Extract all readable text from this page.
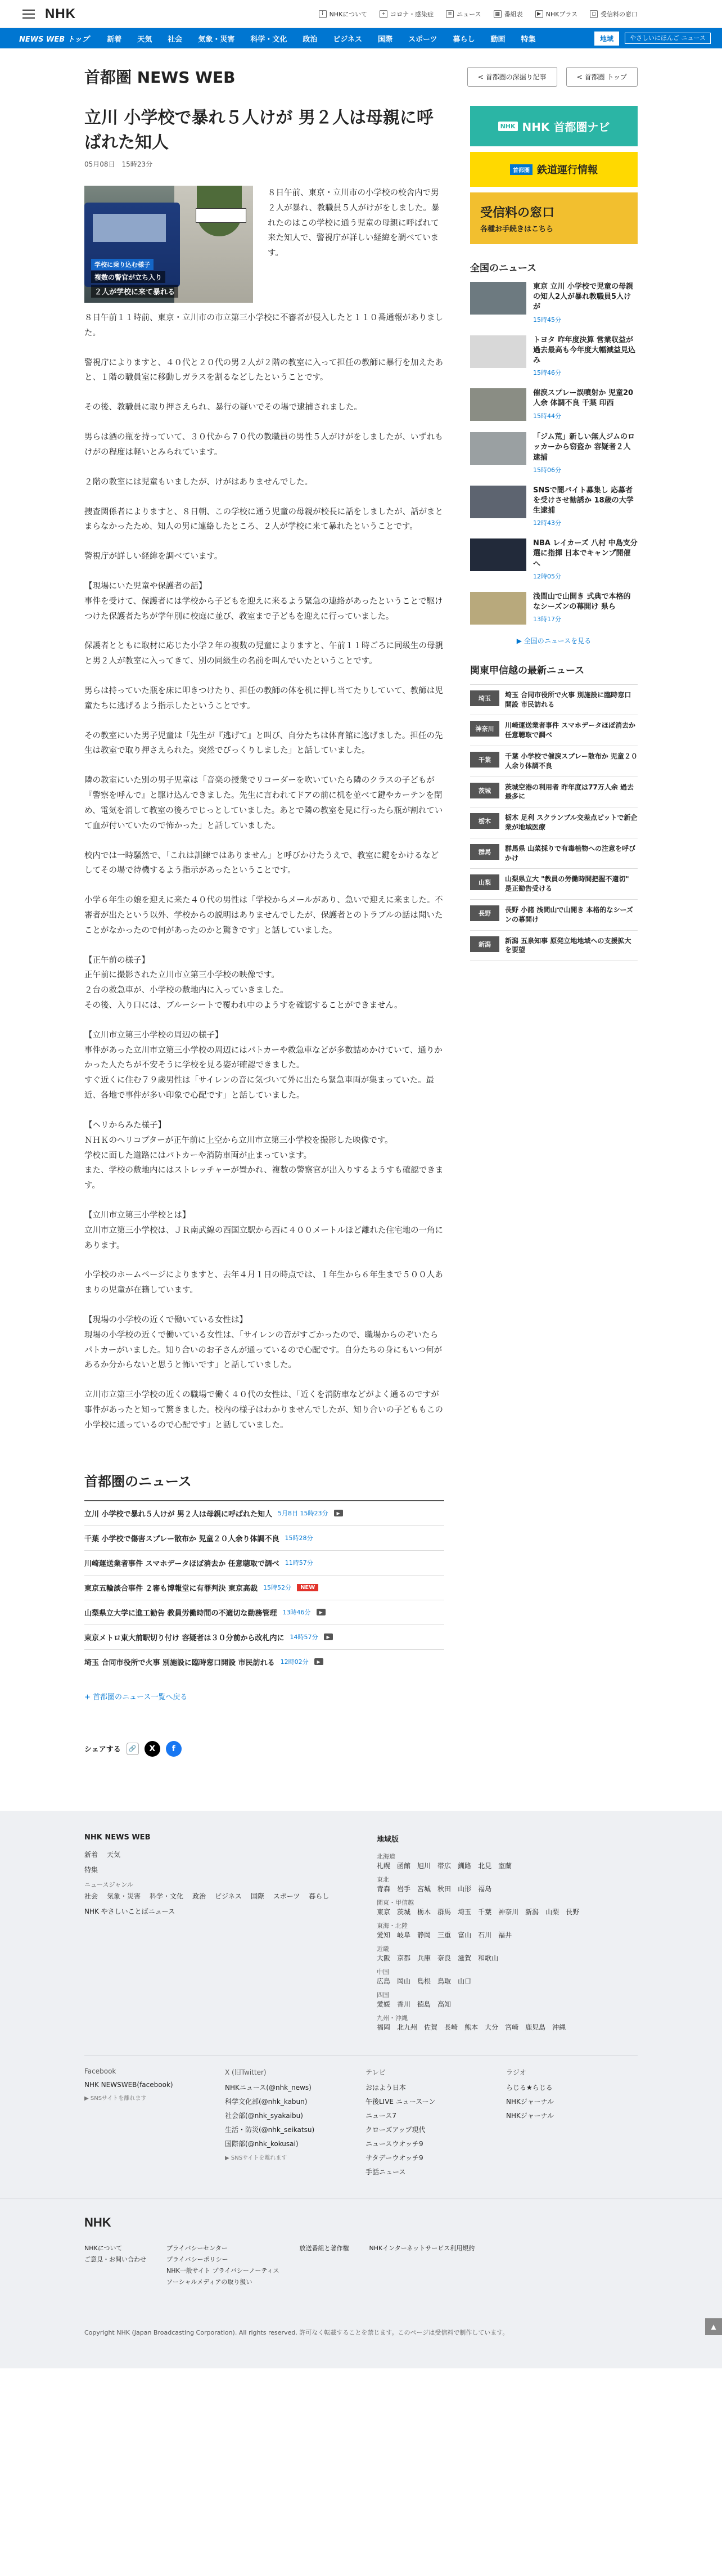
NHK	i NHKについて	+ コロナ・感染症	≡ ニュース	▦ 番組表	▶ NHKプラス	◻ 受信料の窓口
NEWS WEB トップ	新着	天気	社会	気象・災害	科学・文化	政治	ビジネス	国際	スポーツ	暮らし	動画	特集	地域	やさしいにほんご ニュース
首都圏 NEWS WEB	< 首都圏の深掘り記事	< 首都圏 トップ
立川 小学校で暴れ５人けが 男２人は母親に呼ばれた知人
05月08日 15時23分
学校に乗り込む様子
複数の警官が立ち入り
２人が学校に来て暴れる
８日午前、東京・立川市の小学校の校舎内で男２人が暴れ、教職員５人がけがをしました。暴れたのはこの学校に通う児童の母親に呼ばれて来た知人で、警視庁が詳しい経緯を調べています。

８日午前１１時前、東京・立川市の市立第三小学校に不審者が侵入したと１１０番通報がありました。

警視庁によりますと、４０代と２０代の男２人が２階の教室に入って担任の教師に暴行を加えたあと、１階の職員室に移動しガラスを割るなどしたということです。

その後、教職員に取り押さえられ、暴行の疑いでその場で逮捕されました。

男らは酒の瓶を持っていて、３０代から７０代の教職員の男性５人がけがをしましたが、いずれもけがの程度は軽いとみられています。

２階の教室には児童もいましたが、けがはありませんでした。

捜査関係者によりますと、８日朝、この学校に通う児童の母親が校長に話をしましたが、話がまとまらなかったため、知人の男に連絡したところ、２人が学校に来て暴れたということです。

警視庁が詳しい経緯を調べています。

【現場にいた児童や保護者の話】
事件を受けて、保護者には学校から子どもを迎えに来るよう緊急の連絡があったということで駆けつけた保護者たちが学年別に校庭に並び、教室まで子どもを迎えに行っていました。

保護者とともに取材に応じた小学２年の複数の児童によりますと、午前１１時ごろに同級生の母親と男２人が教室に入ってきて、別の同級生の名前を叫んでいたということです。

男らは持っていた瓶を床に叩きつけたり、担任の教師の体を机に押し当てたりしていて、教師は児童たちに逃げるよう指示したということです。

その教室にいた男子児童は「先生が『逃げて』と叫び、自分たちは体育館に逃げました。担任の先生は教室で取り押さえられた。突然でびっくりしました」と話していました。

隣の教室にいた別の男子児童は「音楽の授業でリコーダーを吹いていたら隣のクラスの子どもが『警察を呼んで』と駆け込んできました。先生に言われてドアの前に机を並べて鍵やカーテンを閉め、電気を消して教室の後ろでじっとしていました。あとで隣の教室を見に行ったら瓶が割れていて血が付いていたので怖かった」と話していました。

校内では一時騒然で、「これは訓練ではありません」と呼びかけたうえで、教室に鍵をかけるなどしてその場で待機するよう指示があったということです。

小学６年生の娘を迎えに来た４０代の男性は「学校からメールがあり、急いで迎えに来ました。不審者が出たという以外、学校からの説明はありませんでしたが、保護者とのトラブルの話は聞いたことがなかったので何があったのかと驚きです」と話していました。

【正午前の様子】
正午前に撮影された立川市立第三小学校の映像です。
２台の救急車が、小学校の敷地内に入っていきました。
その後、入り口には、ブルーシートで覆われ中のようすを確認することができません。

【立川市立第三小学校の周辺の様子】
事件があった立川市立第三小学校の周辺にはパトカーや救急車などが多数詰めかけていて、通りかかった人たちが不安そうに学校を見る姿が確認できました。
すぐ近くに住む７９歳男性は「サイレンの音に気づいて外に出たら緊急車両が集まっていた。最近、各地で事件が多い印象で心配です」と話していました。

【ヘリからみた様子】
ＮＨＫのヘリコプターが正午前に上空から立川市立第三小学校を撮影した映像です。
学校に面した道路にはパトカーや消防車両が止まっています。
また、学校の敷地内にはストレッチャーが置かれ、複数の警察官が出入りするようすも確認できます。

【立川市立第三小学校とは】
立川市立第三小学校は、ＪＲ南武線の西国立駅から西に４００メートルほど離れた住宅地の一角にあります。

小学校のホームページによりますと、去年４月１日の時点では、１年生から６年生まで５００人あまりの児童が在籍しています。

【現場の小学校の近くで働いている女性は】
現場の小学校の近くで働いている女性は、「サイレンの音がすごかったので、職場からのぞいたらパトカーがいました。知り合いのお子さんが通っているので心配です。自分たちの身にもいつ何があるか分からないと思うと怖いです」と話していました。

立川市立第三小学校の近くの職場で働く４０代の女性は、「近くを消防車などがよく通るのですが事件があったと知って驚きました。校内の様子はわかりませんでしたが、知り合いの子どももこの小学校に通っているので心配です」と話していました。

首都圏のニュース
立川 小学校で暴れ５人けが 男２人は母親に呼ばれた知人 5月8日 15時23分	▶
千葉 小学校で傷害スプレー散布か 児童２０人余り体調不良 15時28分
川崎運送業者事件 スマホデータほぼ消去か 任意聴取で調べ 11時57分
東京五輪談合事件 ２審も博報堂に有罪判決 東京高裁 15時52分	NEW
山梨県立大学に進工勧告 教員労働時間の不適切な勤務管理 13時46分	▶
東京メトロ東大前駅切り付け 容疑者は３０分前から改札内に 14時57分	▶
埼玉 合同市役所で火事 別施設に臨時窓口開設 市民訪れる 12時02分	▶
+ 首都圏のニュース一覧へ戻る
シェアする	🔗	X	f
NHK NHK 首都圏ナビ
首都圏 鉄道運行情報
受信料の窓口
各種お手続きはこちら
全国のニュース
東京 立川 小学校で児童の母親の知人2人が暴れ教職員5人けが
15時45分
トヨタ 昨年度決算 営業収益が過去最高も今年度大幅減益見込み
15時46分
催涙スプレー誤噴射か 児童20人余 体調不良 千葉 印西
15時44分
「ジム荒」新しい無人ジムのロッカーから窃盗か 容疑者２人逮捕
15時06分
SNSで闇バイト募集し 応募者を受けさせ勧誘か 18歳の大学生逮捕
12時43分
NBA レイカーズ 八村 中島支分選に指揮 日本でキャンプ開催へ
12時05分
浅間山で山開き 式典で本格的なシーズンの幕開け 県ら
13時17分
▶ 全国のニュースを見る
関東甲信越の最新ニュース
埼玉	埼玉 合同市役所で火事 別施設に臨時窓口開設 市民訪れる
神奈川	川崎運送業者事件 スマホデータほぼ消去か 任意聴取で調べ
千葉	千葉 小学校で催涙スプレー散布か 児童２０人余り体調不良
茨城	茨城空港の利用者 昨年度は77万人余 過去最多に
栃木	栃木 足利 スクランブル交差点ピットで新企業が地域医療
群馬	群馬県 山菜採りで有毒植物への注意を呼びかけ
山梨	山梨県立大 "教員の労働時間把握不適切" 是正勧告受ける
長野	長野 小諸 浅間山で山開き 本格的なシーズンの幕開け
新潟	新潟 五泉知事 原発立地地域への支援拡大を要望
NHK NEWS WEB
新着 天気
特集
ニュースジャンル
社会 気象・災害 科学・文化 政治 ビジネス 国際 スポーツ 暮らし
NHK やさしいことばニュース
地域版
北海道
札幌 函館 旭川 帯広 釧路 北見 室蘭
東北
青森 岩手 宮城 秋田 山形 福島
関東・甲信越
東京 茨城 栃木 群馬 埼玉 千葉 神奈川 新潟 山梨 長野
東海・北陸
愛知 岐阜 静岡 三重 富山 石川 福井
近畿
大阪 京都 兵庫 奈良 滋賀 和歌山
中国
広島 岡山 島根 鳥取 山口
四国
愛媛 香川 徳島 高知
九州・沖縄
福岡 北九州 佐賀 長崎 熊本 大分 宮崎 鹿児島 沖縄
Facebook
NHK NEWSWEB(facebook)
▶ SNSサイトを離れます
X (旧Twitter)
NHKニュース(@nhk_news)
科学文化部(@nhk_kabun)
社会部(@nhk_syakaibu)
生活・防災(@nhk_seikatsu)
国際部(@nhk_kokusai)
▶ SNSサイトを離れます
テレビ
おはよう日本
午後LIVE ニュースーン
ニュース7
クローズアップ現代
ニュースウオッチ9
サタデーウオッチ9
手話ニュース
ラジオ
らじる★らじる
NHKジャーナル
NHKジャーナル
NHK
NHKについて
ご意見・お問い合わせ
プライバシーセンター
プライバシーポリシー
NHK一般サイト プライバシーノーティス
ソーシャルメディアの取り扱い
放送番組と著作権	NHKインターネットサービス利用規約
Copyright NHK (Japan Broadcasting Corporation). All rights reserved. 許可なく転載することを禁じます。このページは受信料で制作しています。
▲
